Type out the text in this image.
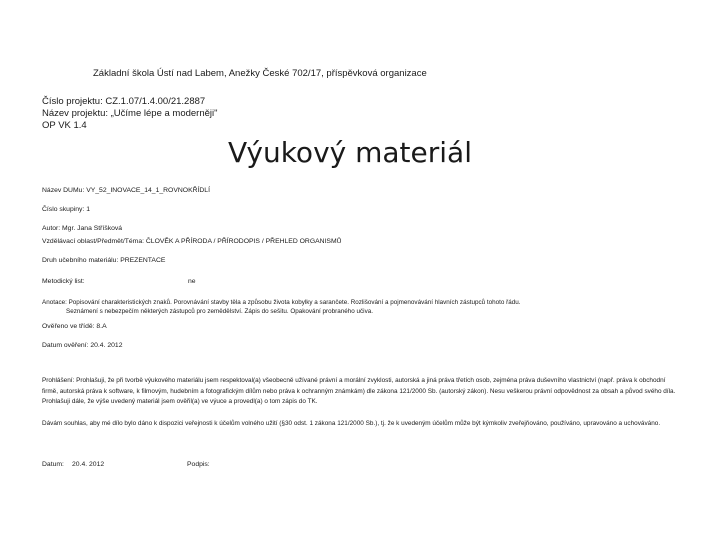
Základní škola Ústí nad Labem, Anežky České 702/17, příspěvková organizace
Číslo projektu: CZ.1.07/1.4.00/21.2887
Název projektu: „Učíme lépe a moderněji"
OP VK 1.4
Výukový materiál
Název DUMu: VY_52_INOVACE_14_1_ROVNOKŘÍDLÍ
Číslo skupiny: 1
Autor: Mgr. Jana Stříšková
Vzdělávací oblast/Předmět/Téma: ČLOVĚK A PŘÍRODA / PŘÍRODOPIS / PŘEHLED ORGANISMŮ
Druh učebního materiálu: PREZENTACE
Metodický list:	ne
Anotace: Popisování charakteristických znaků. Porovnávání stavby těla a způsobu života kobylky a sarančete. Rozlišování a pojmenovávání hlavních zástupců tohoto řádu.
Seznámení s nebezpečím některých zástupců pro zemědělství. Zápis do sešitu. Opakování probraného učiva.
Ověřeno ve třídě: 8.A
Datum ověření: 20.4. 2012
Prohlášení: Prohlašuji, že při tvorbě výukového materiálu jsem respektoval(a) všeobecně užívané právní a morální zvyklosti, autorská a jiná práva třetích osob, zejména práva duševního vlastnictví (např. práva k obchodní firmě, autorská práva k software, k filmovým, hudebním a fotografickým dílům nebo práva k ochranným známkám) dle zákona 121/2000 Sb. (autorský zákon). Nesu veškerou právní odpovědnost za obsah a původ svého díla. Prohlašuji dále, že výše uvedený materiál jsem ověřil(a) ve výuce a provedl(a) o tom zápis do TK.
Dávám souhlas, aby mé dílo bylo dáno k dispozici veřejnosti k účelům volného užití (§30 odst. 1 zákona 121/2000 Sb.), tj. že k uvedeným účelům může být kýmkoliv zveřejňováno, používáno, upravováno a uchováváno.
Datum: 20.4. 2012	Podpis:
